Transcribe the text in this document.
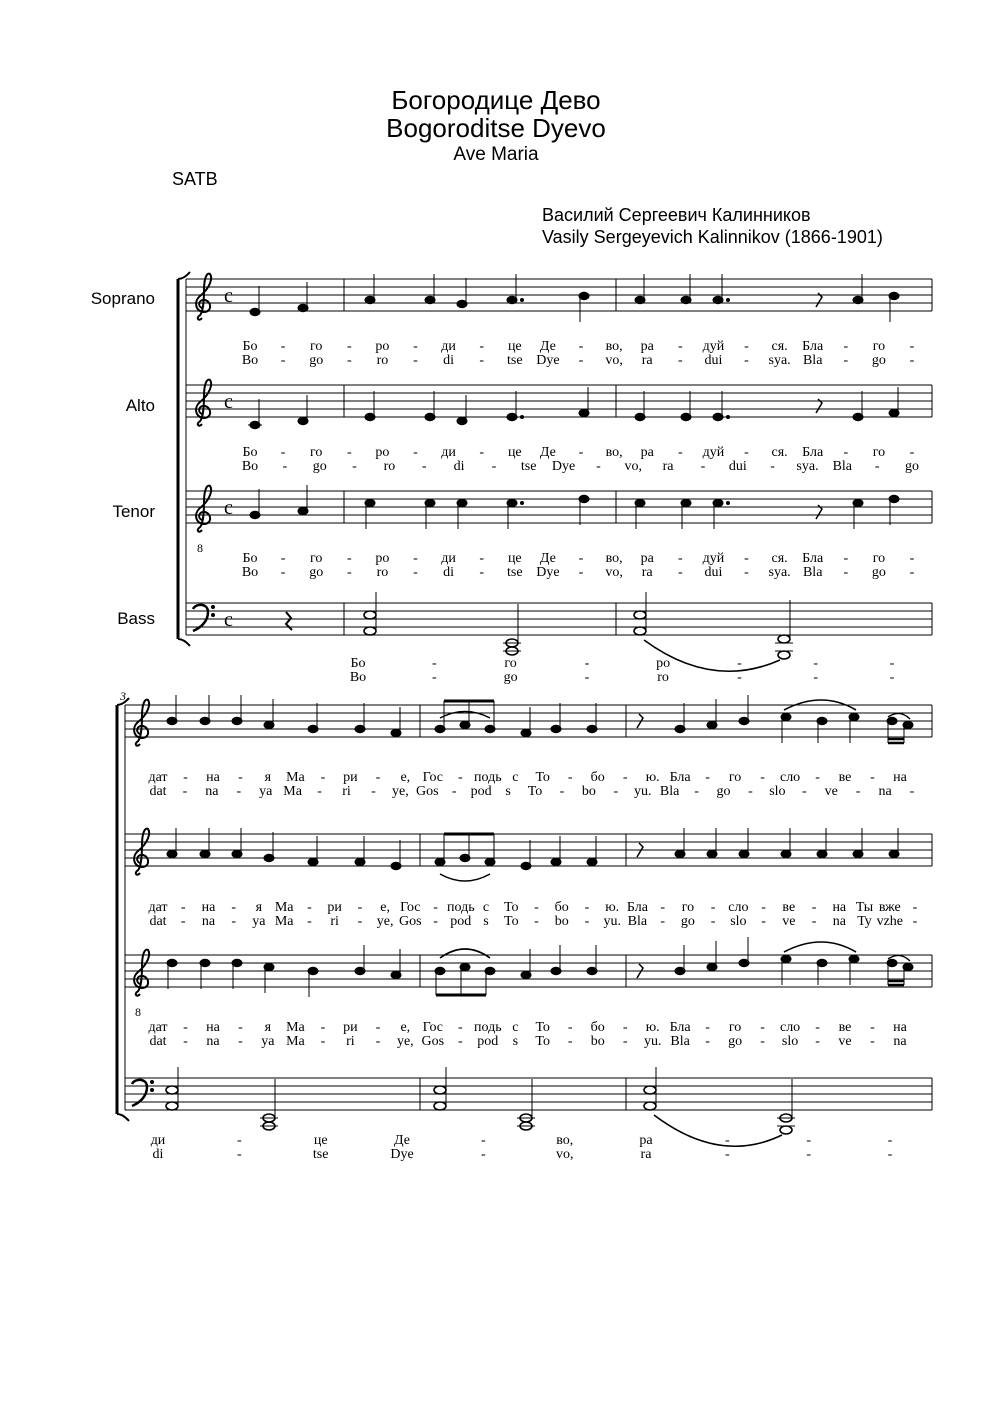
Богородице Дево
Bogoroditse Dyevo
Ave Maria
SATB
Василий Сергеевич Калинников
Vasily Sergeyevich Kalinnikov (1866-1901)
c
c
c
c
Soprano
Alto
Tenor
Bass
8
8
3
Бо - го - ро - ди - це Де - во, ра - дуй - ся. Бла - го -
Bo - go - ro - di - tse Dye - vo, ra - dui - sya. Bla - go -
Бо - го - ро - ди - це Де - во, ра - дуй - ся. Бла - го -
Bo - go - ro - di - tse Dye - vo, ra - dui - sya. Bla - go
Бо - го - ро - ди - це Де - во, ра - дуй - ся. Бла - го -
Bo - go - ro - di - tse Dye - vo, ra - dui - sya. Bla - go -
Бо	-	го	-	ро	-	-	-
Bo	-	go	-	ro	-	-	-
дат - на - я Ма - ри - е, Гос - подь с То - бо - ю. Бла - го - сло - ве - на
dat - na - ya Ma - ri - ye, Gos - pod s To - bo - yu. Bla - go - slo - ve - na -
дат - на - я Ма - ри - е, Гос - подь с То - бо - ю. Бла - го - сло - ве - на Ты вже -
dat - na - ya Ma - ri - ye, Gos - pod s To - bo - yu. Bla - go - slo - ve - na Ty vzhe -
дат - на - я Ма - ри - е, Гос - подь с То - бо - ю. Бла - го - сло - ве - на
dat - na - ya Ma - ri - ye, Gos - pod s To - bo - yu. Bla - go - slo - ve - na
ди	-	це	Де	-	во,	ра	-	-	-
di	-	tse	Dye	-	vo,	ra	-	-	-
